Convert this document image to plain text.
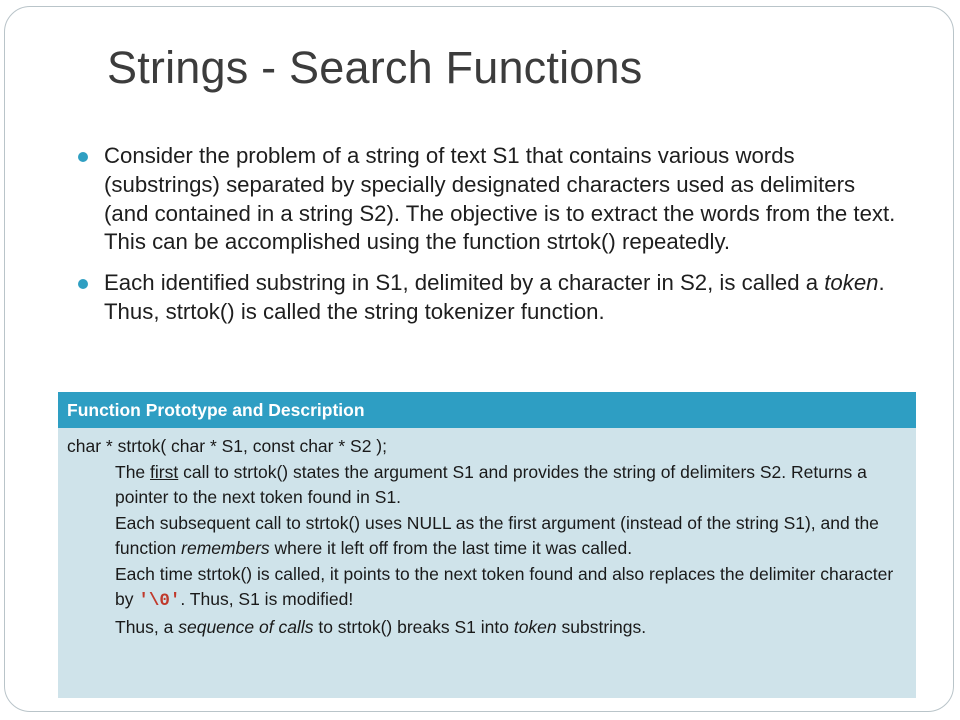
Strings - Search Functions
Consider the problem of a string of text S1 that contains various words (substrings) separated by specially designated characters used as delimiters (and contained in a string S2). The objective is to extract the words from the text. This can be accomplished using the function strtok() repeatedly.
Each identified substring in S1, delimited by a character in S2, is called a token. Thus, strtok() is called the string tokenizer function.
Function Prototype and Description
char * strtok( char * S1, const char * S2 );
The first call to strtok() states the argument S1 and provides the string of delimiters S2. Returns a pointer to the next token found in S1.
Each subsequent call to strtok() uses NULL as the first argument (instead of the string S1), and the function remembers where it left off from the last time it was called.
Each time strtok() is called, it points to the next token found and also replaces the delimiter character by '\0'. Thus, S1 is modified!
Thus, a sequence of calls to strtok() breaks S1 into token substrings.
